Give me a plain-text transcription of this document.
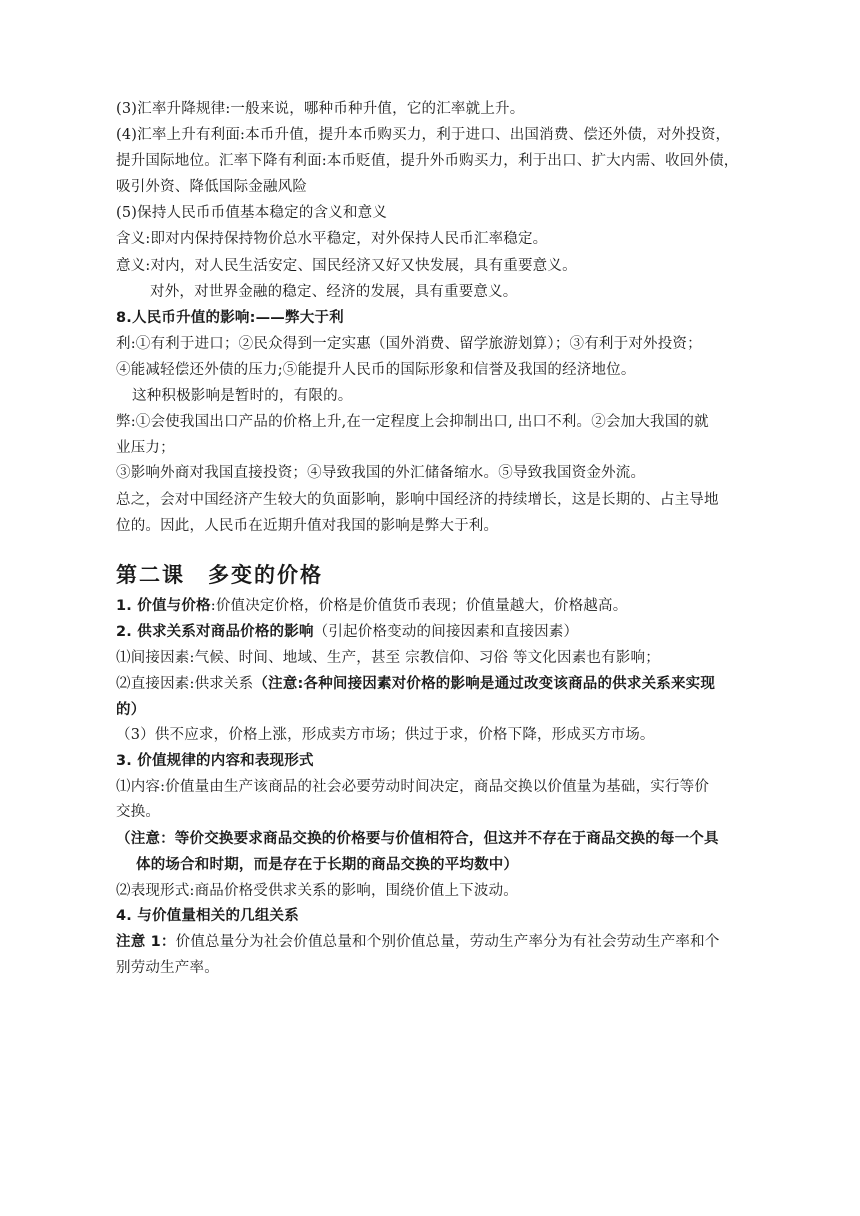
(3)汇率升降规律:一般来说，哪种币种升值，它的汇率就上升。
(4)汇率上升有利面:本币升值，提升本币购买力，利于进口、出国消费、偿还外债，对外投资，
提升国际地位。汇率下降有利面:本币贬值，提升外币购买力，利于出口、扩大内需、收回外债，
吸引外资、降低国际金融风险
(5)保持人民币币值基本稳定的含义和意义
含义:即对内保持保持物价总水平稳定，对外保持人民币汇率稳定。
意义:对内，对人民生活安定、国民经济又好又快发展，具有重要意义。
对外，对世界金融的稳定、经济的发展，具有重要意义。
8.人民币升值的影响:——弊大于利
利:①有利于进口；②民众得到一定实惠（国外消费、留学旅游划算）；③有利于对外投资；
④能减轻偿还外债的压力;⑤能提升人民币的国际形象和信誉及我国的经济地位。
这种积极影响是暂时的，有限的。
弊:①会使我国出口产品的价格上升,在一定程度上会抑制出口, 出口不利。②会加大我国的就
业压力；
③影响外商对我国直接投资；④导致我国的外汇储备缩水。⑤导致我国资金外流。
总之，会对中国经济产生较大的负面影响，影响中国经济的持续增长，这是长期的、占主导地
位的。因此，人民币在近期升值对我国的影响是弊大于利。
第二课　多变的价格
1. 价值与价格:价值决定价格，价格是价值货币表现；价值量越大，价格越高。
2. 供求关系对商品价格的影响（引起价格变动的间接因素和直接因素）
⑴间接因素:气候、时间、地域、生产，甚至 宗教信仰、习俗 等文化因素也有影响；
⑵直接因素:供求关系（注意:各种间接因素对价格的影响是通过改变该商品的供求关系来实现
的）
（3）供不应求，价格上涨，形成卖方市场；供过于求，价格下降，形成买方市场。
3. 价值规律的内容和表现形式
⑴内容:价值量由生产该商品的社会必要劳动时间决定，商品交换以价值量为基础，实行等价
交换。
（注意：等价交换要求商品交换的价格要与价值相符合，但这并不存在于商品交换的每一个具
体的场合和时期，而是存在于长期的商品交换的平均数中）
⑵表现形式:商品价格受供求关系的影响，围绕价值上下波动。
4. 与价值量相关的几组关系
注意 1：价值总量分为社会价值总量和个别价值总量，劳动生产率分为有社会劳动生产率和个
别劳动生产率。
